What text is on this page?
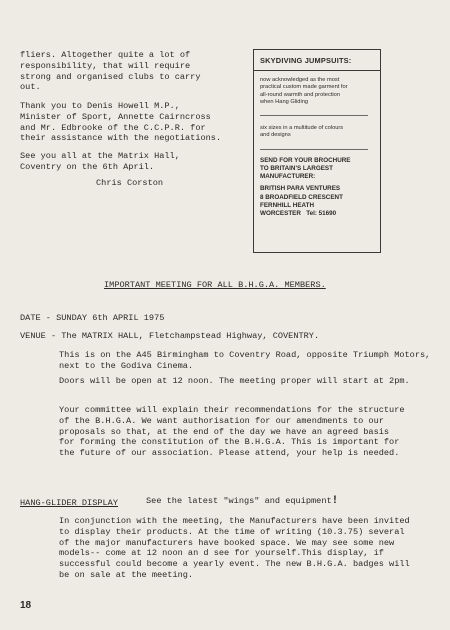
fliers. Altogether quite a lot of
responsibility, that will require
strong and organised clubs to carry
out.
Thank you to Denis Howell M.P.,
Minister of Sport, Annette Cairncross
and Mr. Edbrooke of the C.C.P.R. for
their assistance with the negotiations.
See you all at the Matrix Hall,
Coventry on the 6th April.
Chris Corston
SKYDIVING JUMPSUITS:
now acknowledged as the most
practical custom made garment for
all-round warmth and protection
when Hang Gliding
six sizes in a multitude of colours
and designs
SEND FOR YOUR BROCHURE
TO BRITAIN'S LARGEST
MANUFACTURER:
BRITISH PARA VENTURES
8 BROADFIELD CRESCENT
FERNHILL HEATH
WORCESTER Tel: 51690
IMPORTANT MEETING FOR ALL B.H.G.A. MEMBERS.
DATE - SUNDAY 6th APRIL 1975
VENUE - The MATRIX HALL, Fletchampstead Highway, COVENTRY.
This is on the A45 Birmingham to Coventry Road, opposite Triumph Motors,
next to the Godiva Cinema.
Doors will be open at 12 noon. The meeting proper will start at 2pm.
Your committee will explain their recommendations for the structure
of the B.H.G.A. We want authorisation for our amendments to our
proposals so that, at the end of the day we have an agreed basis
for forming the constitution of the B.H.G.A. This is important for
the future of our association. Please attend, your help is needed.
HANG-GLIDER DISPLAY	See the latest "wings" and equipment!
In conjunction with the meeting, the Manufacturers have been invited
to display their products. At the time of writing (10.3.75) several
of the major manufacturers have booked space. We may see some new
models-- come at 12 noon an d see for yourself.This display, if
successful could become a yearly event. The new B.H.G.A. badges will
be on sale at the meeting.
18
